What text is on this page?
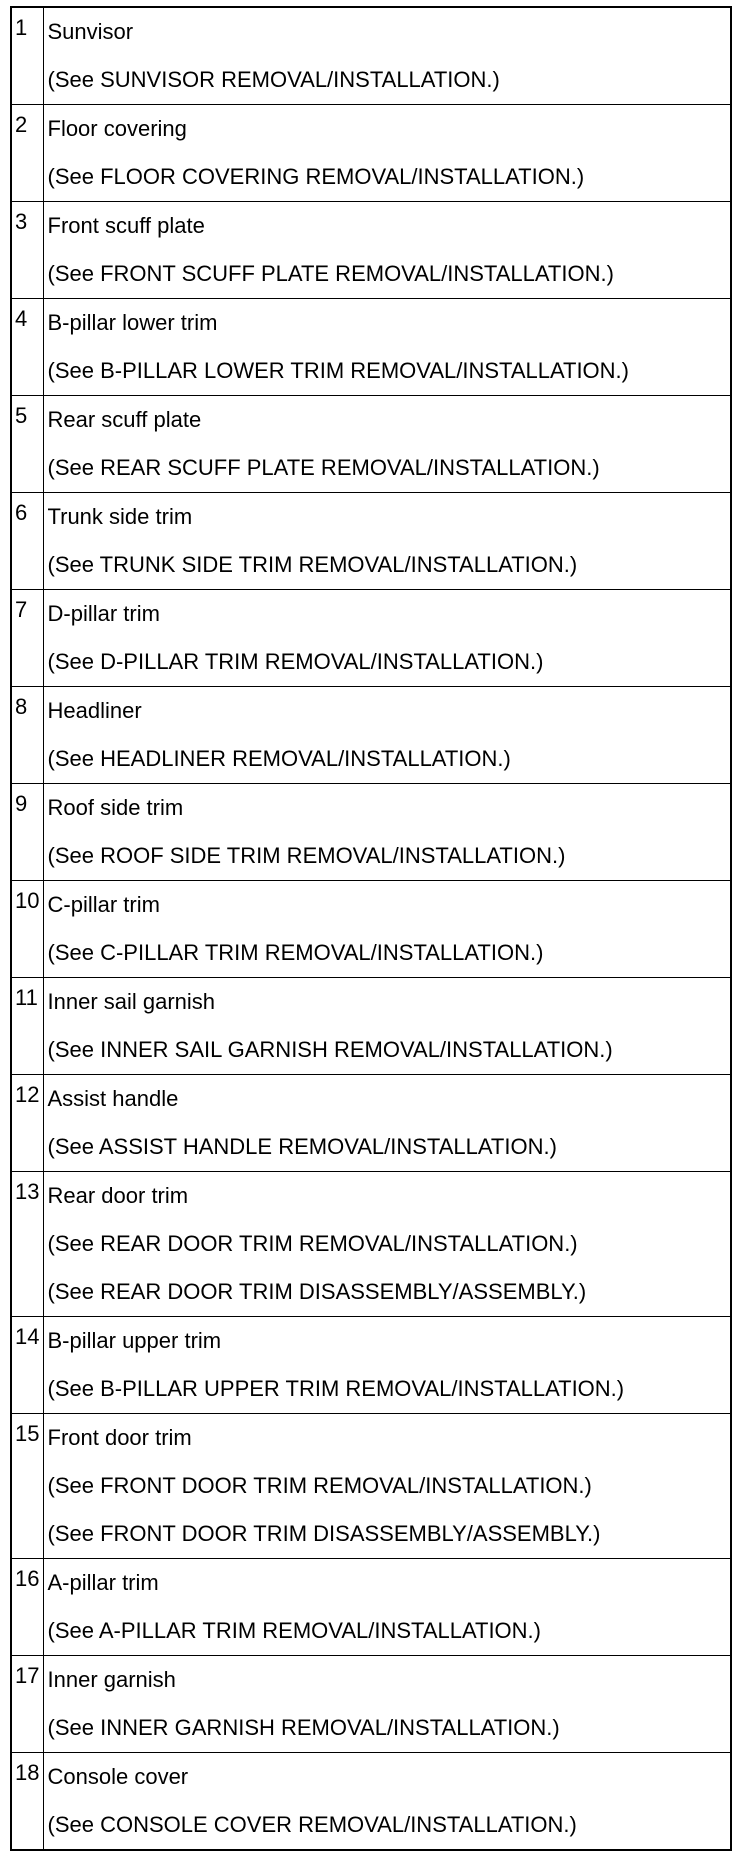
1	Sunvisor
(See SUNVISOR REMOVAL/INSTALLATION.)

2	Floor covering
(See FLOOR COVERING REMOVAL/INSTALLATION.)

3	Front scuff plate
(See FRONT SCUFF PLATE REMOVAL/INSTALLATION.)

4	B-pillar lower trim
(See B-PILLAR LOWER TRIM REMOVAL/INSTALLATION.)

5	Rear scuff plate
(See REAR SCUFF PLATE REMOVAL/INSTALLATION.)

6	Trunk side trim
(See TRUNK SIDE TRIM REMOVAL/INSTALLATION.)

7	D-pillar trim
(See D-PILLAR TRIM REMOVAL/INSTALLATION.)

8	Headliner
(See HEADLINER REMOVAL/INSTALLATION.)

9	Roof side trim
(See ROOF SIDE TRIM REMOVAL/INSTALLATION.)

10	C-pillar trim
(See C-PILLAR TRIM REMOVAL/INSTALLATION.)

11	Inner sail garnish
(See INNER SAIL GARNISH REMOVAL/INSTALLATION.)

12	Assist handle
(See ASSIST HANDLE REMOVAL/INSTALLATION.)

13	Rear door trim
(See REAR DOOR TRIM REMOVAL/INSTALLATION.)
(See REAR DOOR TRIM DISASSEMBLY/ASSEMBLY.)

14	B-pillar upper trim
(See B-PILLAR UPPER TRIM REMOVAL/INSTALLATION.)

15	Front door trim
(See FRONT DOOR TRIM REMOVAL/INSTALLATION.)
(See FRONT DOOR TRIM DISASSEMBLY/ASSEMBLY.)

16	A-pillar trim
(See A-PILLAR TRIM REMOVAL/INSTALLATION.)

17	Inner garnish
(See INNER GARNISH REMOVAL/INSTALLATION.)

18	Console cover
(See CONSOLE COVER REMOVAL/INSTALLATION.)
